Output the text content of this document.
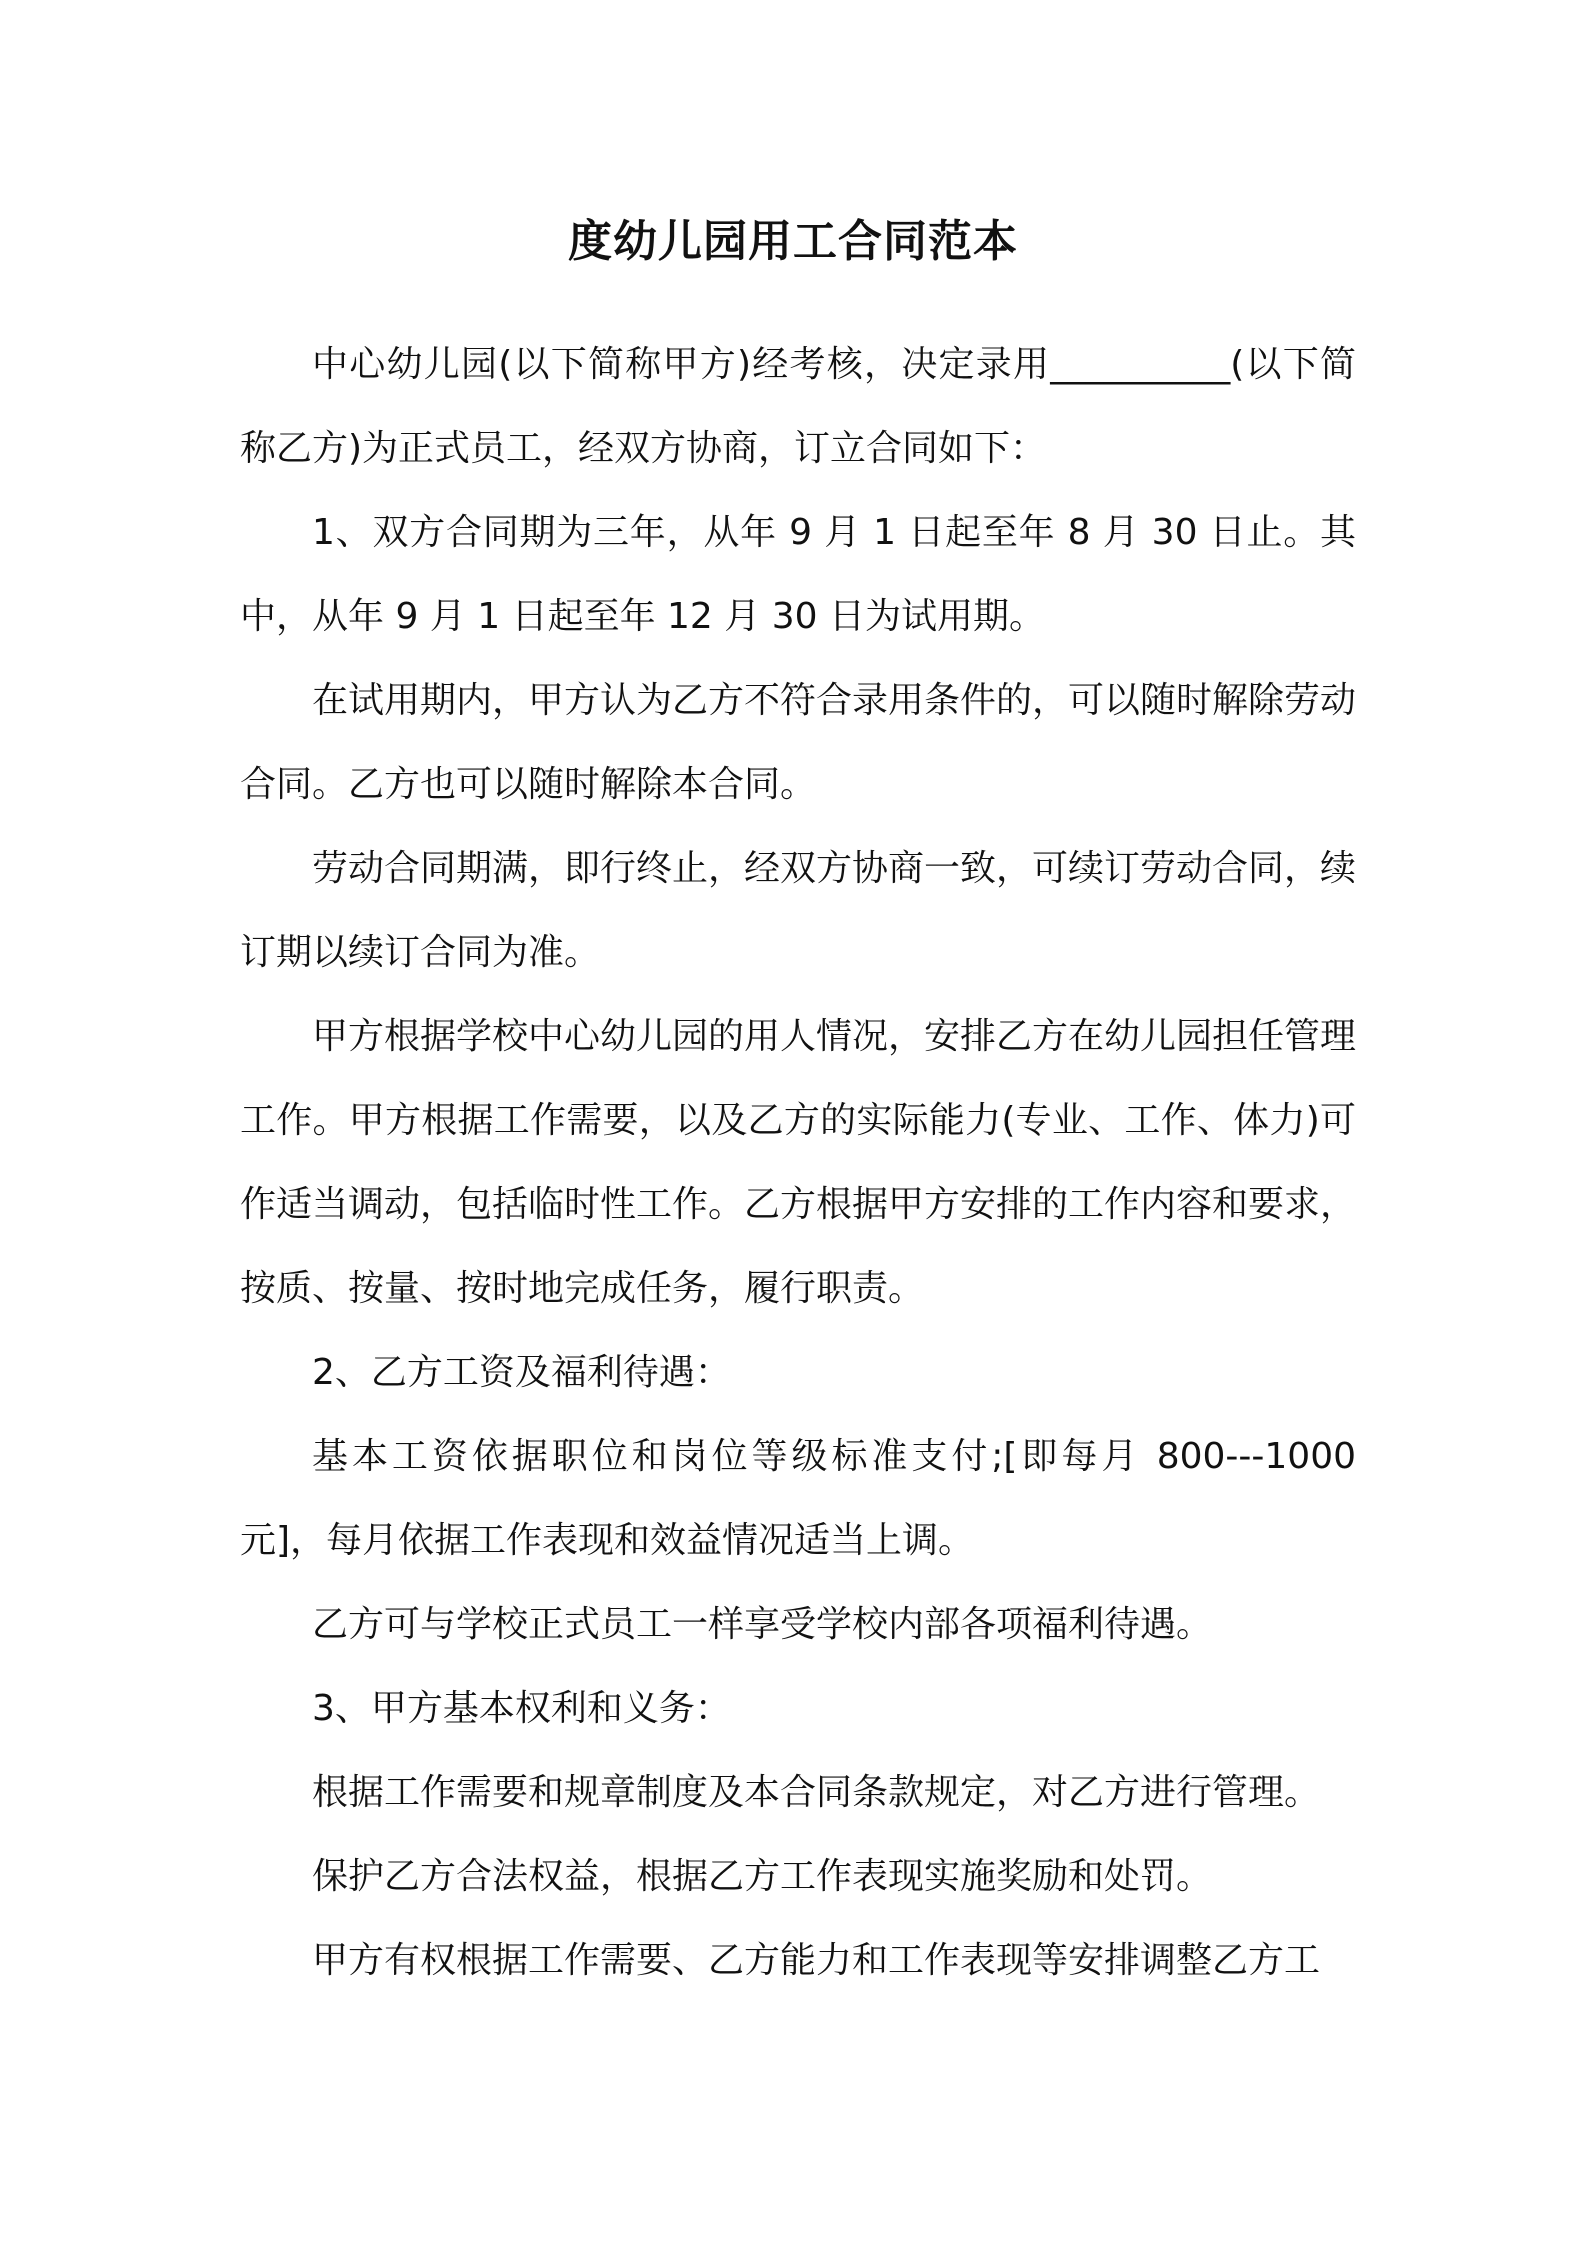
度幼儿园用工合同范本

中心幼儿园(以下简称甲方)经考核，决定录用__________(以下简称乙方)为正式员工，经双方协商，订立合同如下：

1、双方合同期为三年，从年 9 月 1 日起至年 8 月 30 日止。其中，从年 9 月 1 日起至年 12 月 30 日为试用期。

在试用期内，甲方认为乙方不符合录用条件的，可以随时解除劳动合同。乙方也可以随时解除本合同。

劳动合同期满，即行终止，经双方协商一致，可续订劳动合同，续订期以续订合同为准。

甲方根据学校中心幼儿园的用人情况，安排乙方在幼儿园担任管理工作。甲方根据工作需要，以及乙方的实际能力(专业、工作、体力)可作适当调动，包括临时性工作。乙方根据甲方安排的工作内容和要求，按质、按量、按时地完成任务，履行职责。

2、乙方工资及福利待遇：

基本工资依据职位和岗位等级标准支付;[即每月 800---1000 元]，每月依据工作表现和效益情况适当上调。

乙方可与学校正式员工一样享受学校内部各项福利待遇。

3、甲方基本权利和义务：

根据工作需要和规章制度及本合同条款规定，对乙方进行管理。

保护乙方合法权益，根据乙方工作表现实施奖励和处罚。

甲方有权根据工作需要、乙方能力和工作表现等安排调整乙方工
